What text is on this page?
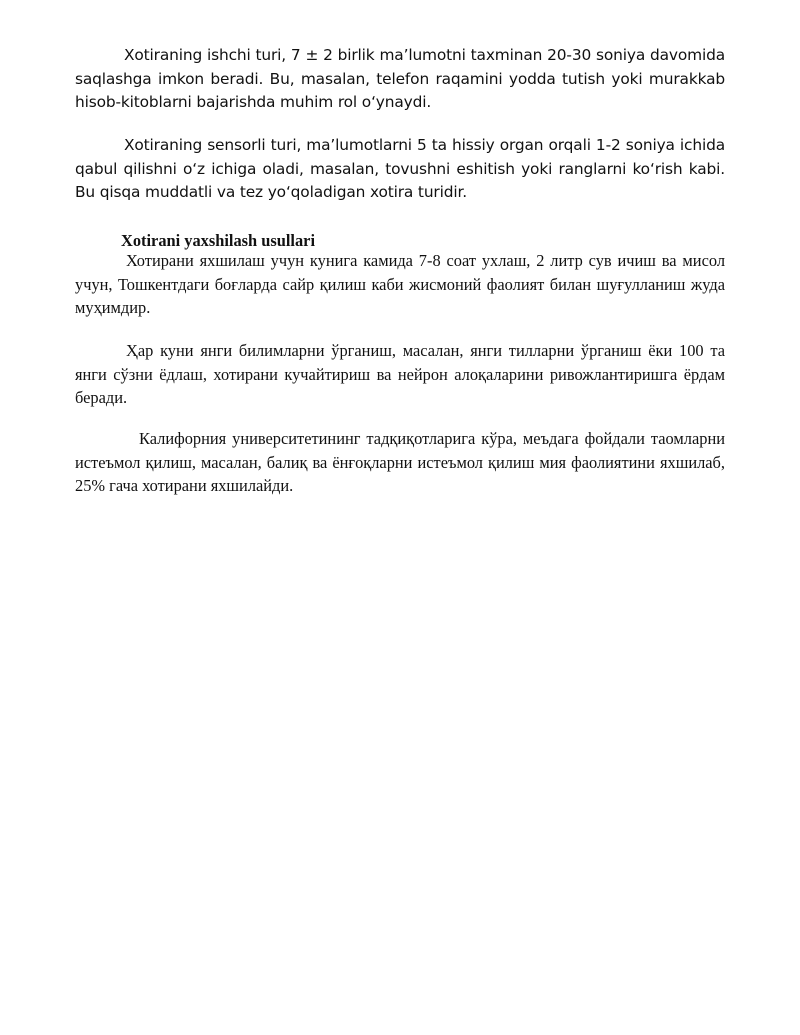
Xotiraning ishchi turi, 7 ± 2 birlik ma’lumotni taxminan 20-30 soniya davomida saqlashga imkon beradi. Bu, masalan, telefon raqamini yodda tutish yoki murakkab hisob-kitoblarni bajarishda muhim rol o‘ynaydi.

Xotiraning sensorli turi, ma’lumotlarni 5 ta hissiy organ orqali 1-2 soniya ichida qabul qilishni o‘z ichiga oladi, masalan, tovushni eshitish yoki ranglarni ko‘rish kabi. Bu qisqa muddatli va tez yo‘qoladigan xotira turidir.

Xotirani yaxshilash usullari

Хотирани яхшилаш учун кунига камида 7-8 соат ухлаш, 2 литр сув ичиш ва мисол учун, Тошкентдаги боғларда сайр қилиш каби жисмоний фаолият билан шуғулланиш жуда муҳимдир.

Ҳар куни янги билимларни ўрганиш, масалан, янги тилларни ўрганиш ёки 100 та янги сўзни ёдлаш, хотирани кучайтириш ва нейрон алоқаларини ривожлантиришга ёрдам беради.

Калифорния университетининг тадқиқотларига кўра, меъдага фойдали таомларни истеъмол қилиш, масалан, балиқ ва ёнғоқларни истеъмол қилиш мия фаолиятини яхшилаб, 25% гача хотирани яхшилайди.
